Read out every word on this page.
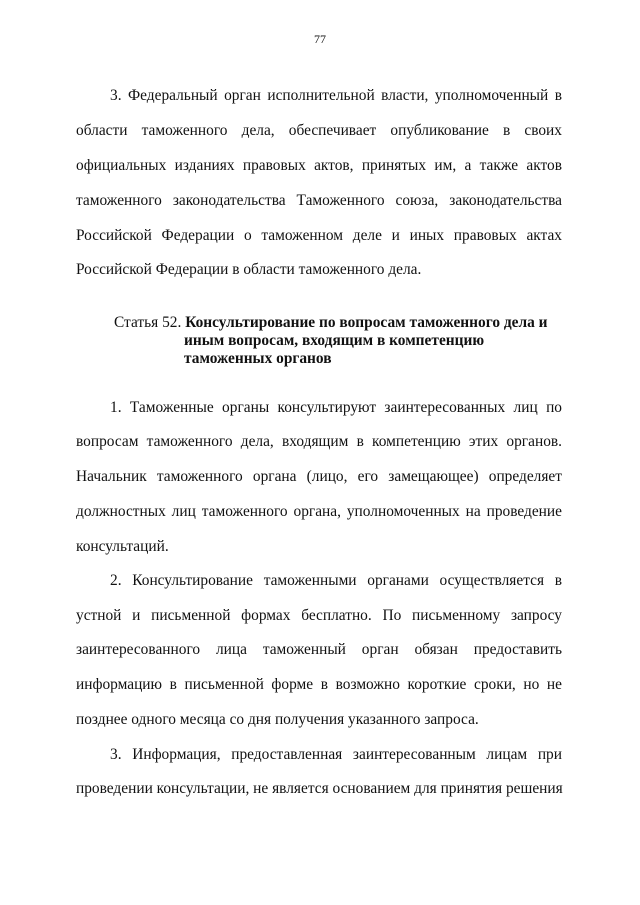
77
3. Федеральный орган исполнительной власти, уполномоченный в
области таможенного дела, обеспечивает опубликование в своих
официальных изданиях правовых актов, принятых им, а также актов
таможенного законодательства Таможенного союза, законодательства
Российской Федерации о таможенном деле и иных правовых актах
Российской Федерации в области таможенного дела.
Статья 52. Консультирование по вопросам таможенного дела и
иным вопросам, входящим в компетенцию
таможенных органов
1. Таможенные органы консультируют заинтересованных лиц по
вопросам таможенного дела, входящим в компетенцию этих органов.
Начальник таможенного органа (лицо, его замещающее) определяет
должностных лиц таможенного органа, уполномоченных на проведение
консультаций.
2. Консультирование таможенными органами осуществляется в
устной и письменной формах бесплатно. По письменному запросу
заинтересованного лица таможенный орган обязан предоставить
информацию в письменной форме в возможно короткие сроки, но не
позднее одного месяца со дня получения указанного запроса.
3. Информация, предоставленная заинтересованным лицам при
проведении консультации, не является основанием для принятия решения
